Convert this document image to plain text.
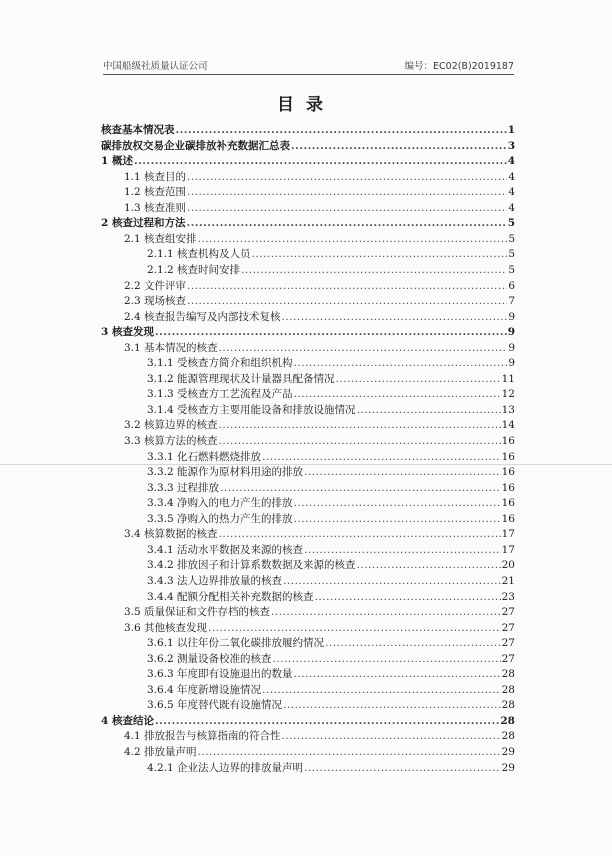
中国船级社质量认证公司	编号：EC02(B)2019187
目录
核查基本情况表 .....	1
碳排放权交易企业碳排放补充数据汇总表 .....	3
1 概述 .....	4
1.1 核查目的 .....	4
1.2 核查范围 .....	4
1.3 核查准则 .....	4
2 核查过程和方法 .....	5
2.1 核查组安排 .....	5
2.1.1 核查机构及人员 .....	5
2.1.2 核查时间安排 .....	5
2.2 文件评审 .....	6
2.3 现场核查 .....	7
2.4 核查报告编写及内部技术复核 .....	9
3 核查发现 .....	9
3.1 基本情况的核查 .....	9
3.1.1 受核查方简介和组织机构 .....	9
3.1.2 能源管理现状及计量器具配备情况 .....	11
3.1.3 受核查方工艺流程及产品 .....	12
3.1.4 受核查方主要用能设备和排放设施情况 .....	13
3.2 核算边界的核查 .....	14
3.3 核算方法的核查 .....	16
3.3.1 化石燃料燃烧排放 .....	16
3.3.2 能源作为原材料用途的排放 .....	16
3.3.3 过程排放 .....	16
3.3.4 净购入的电力产生的排放 .....	16
3.3.5 净购入的热力产生的排放 .....	16
3.4 核算数据的核查 .....	17
3.4.1 活动水平数据及来源的核查 .....	17
3.4.2 排放因子和计算系数数据及来源的核查 .....	20
3.4.3 法人边界排放量的核查 .....	21
3.4.4 配额分配相关补充数据的核查 .....	23
3.5 质量保证和文件存档的核查 .....	27
3.6 其他核查发现 .....	27
3.6.1 以往年份二氧化碳排放履约情况 .....	27
3.6.2 测量设备校准的核查 .....	27
3.6.3 年度即有设施退出的数量 .....	28
3.6.4 年度新增设施情况 .....	28
3.6.5 年度替代既有设施情况 .....	28
4 核查结论 .....	28
4.1 排放报告与核算指南的符合性 .....	28
4.2 排放量声明 .....	29
4.2.1 企业法人边界的排放量声明 .....	29
